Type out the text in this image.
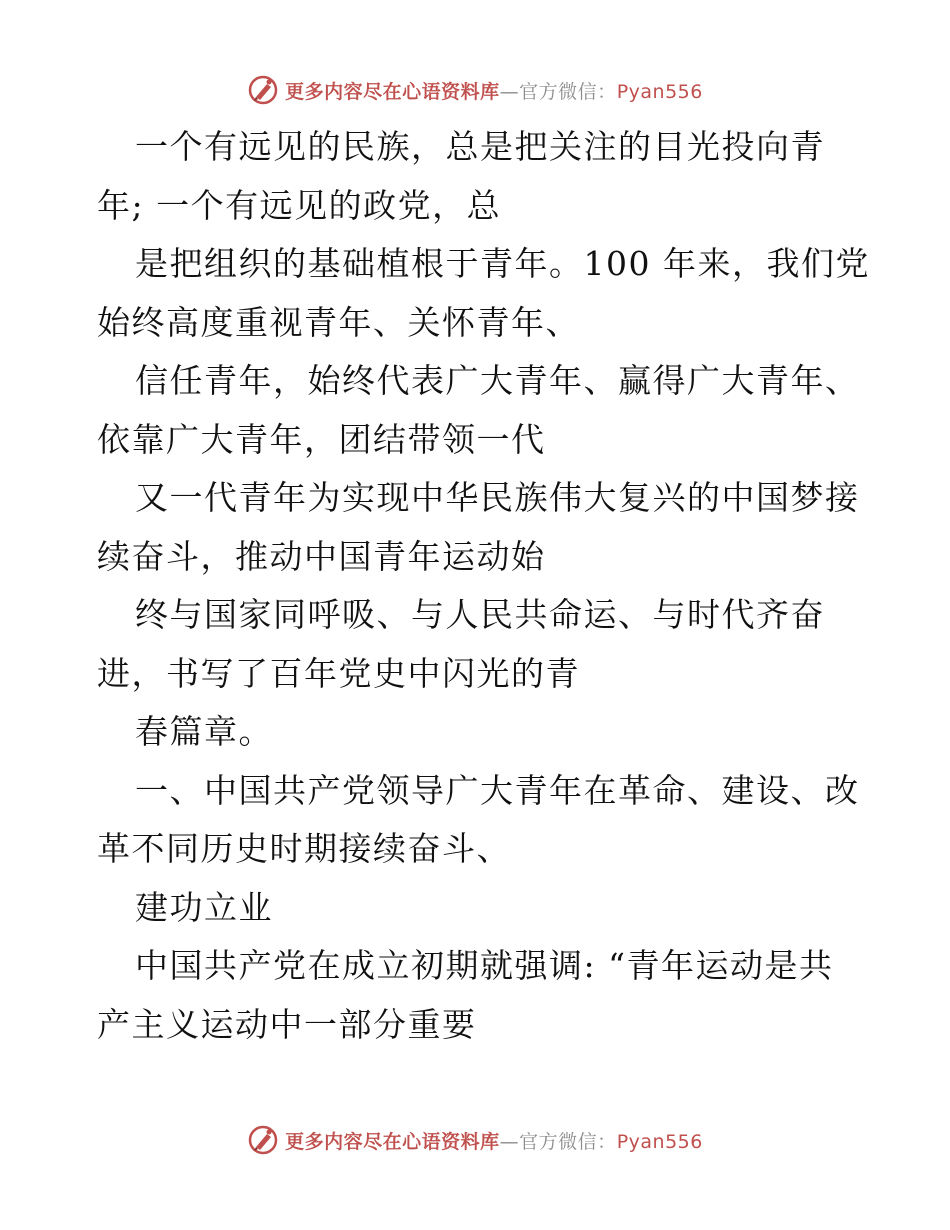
更多内容尽在心语资料库—官方微信：Pyan556
一个有远见的民族，总是把关注的目光投向青
年; 一个有远见的政党，总
是把组织的基础植根于青年。100 年来，我们党
始终高度重视青年、关怀青年、
信任青年，始终代表广大青年、赢得广大青年、
依靠广大青年，团结带领一代
又一代青年为实现中华民族伟大复兴的中国梦接
续奋斗，推动中国青年运动始
终与国家同呼吸、与人民共命运、与时代齐奋
进，书写了百年党史中闪光的青
春篇章。
一、中国共产党领导广大青年在革命、建设、改
革不同历史时期接续奋斗、
建功立业
中国共产党在成立初期就强调: “青年运动是共
产主义运动中一部分重要
更多内容尽在心语资料库—官方微信：Pyan556
